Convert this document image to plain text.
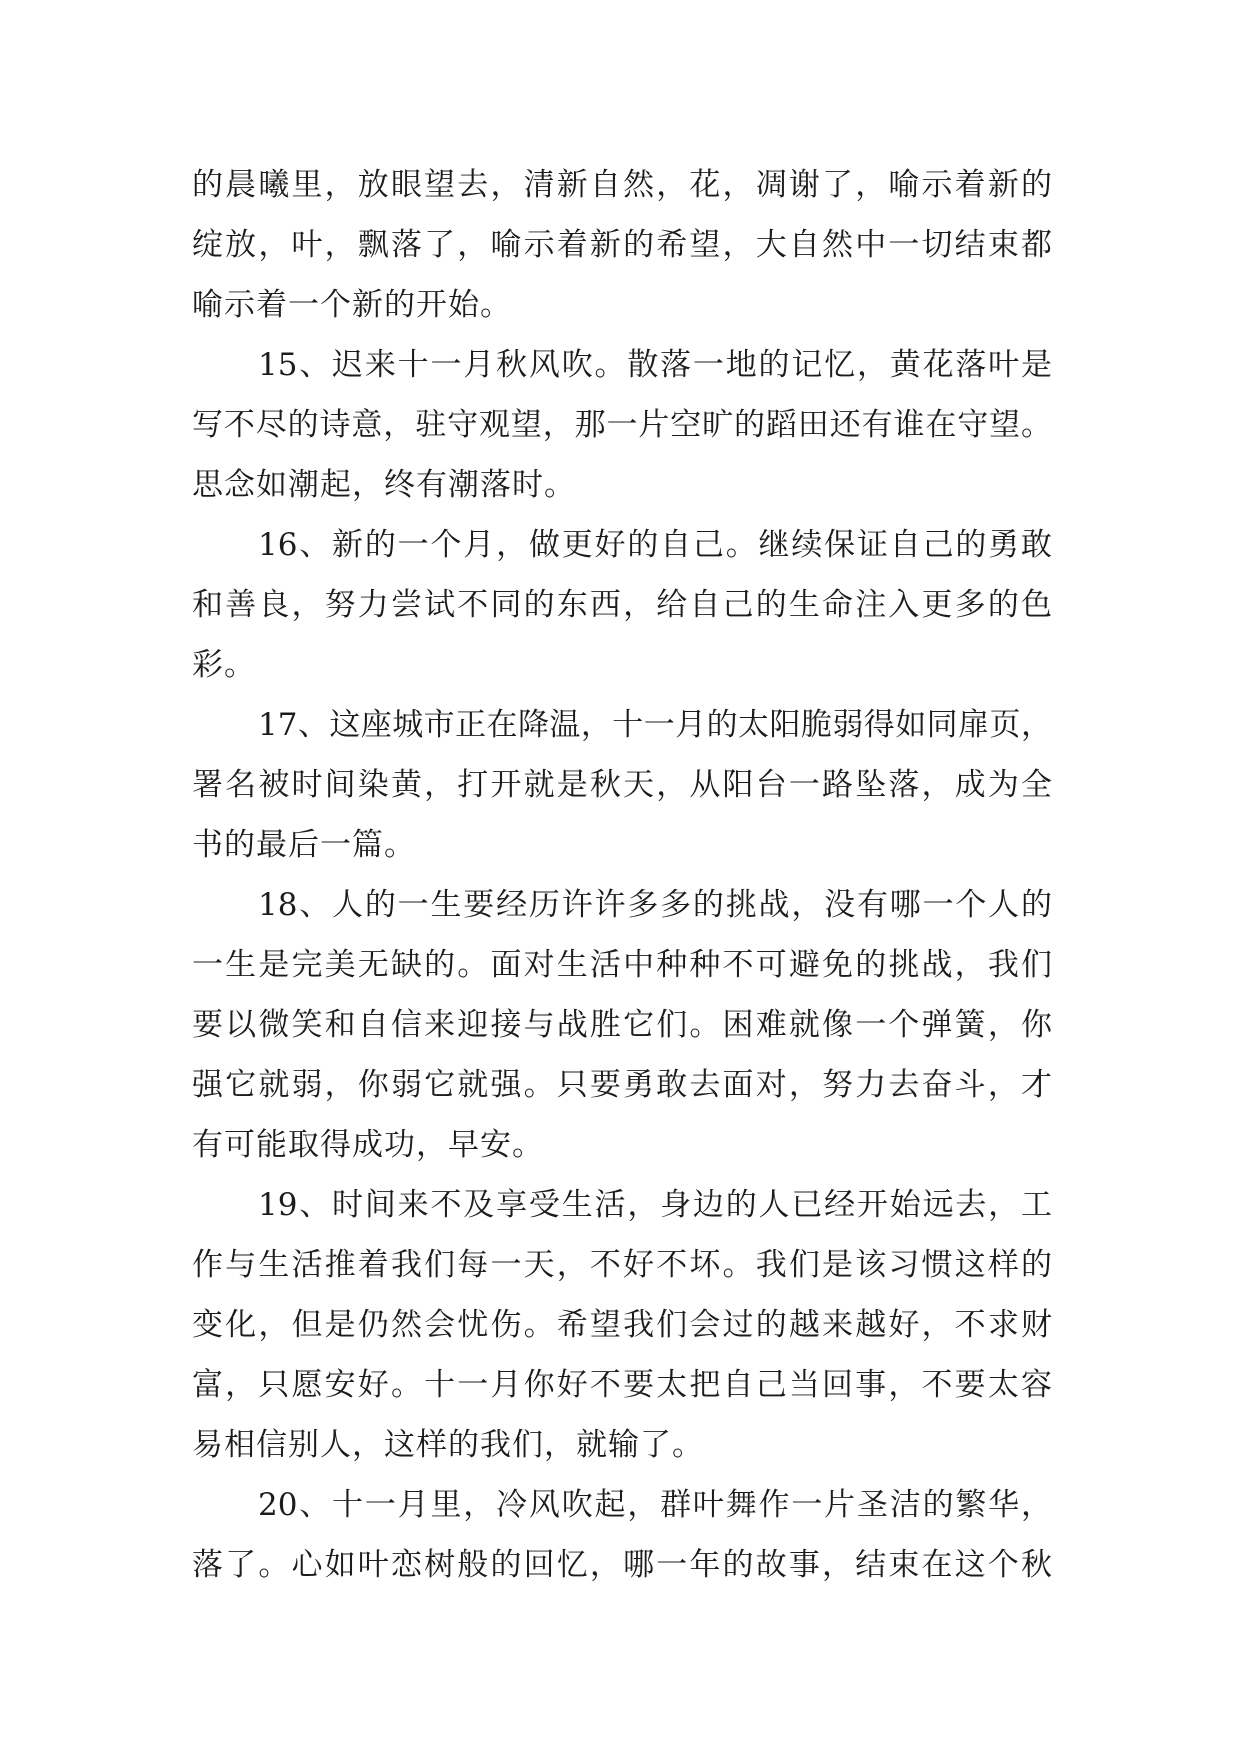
的晨曦里，放眼望去，清新自然，花，凋谢了，喻示着新的
绽放，叶，飘落了，喻示着新的希望，大自然中一切结束都
喻示着一个新的开始。
15、迟来十一月秋风吹。散落一地的记忆，黄花落叶是
写不尽的诗意，驻守观望，那一片空旷的蹈田还有谁在守望。
思念如潮起，终有潮落时。
16、新的一个月，做更好的自己。继续保证自己的勇敢
和善良，努力尝试不同的东西，给自己的生命注入更多的色
彩。
17、这座城市正在降温，十一月的太阳脆弱得如同扉页，
署名被时间染黄，打开就是秋天，从阳台一路坠落，成为全
书的最后一篇。
18、人的一生要经历许许多多的挑战，没有哪一个人的
一生是完美无缺的。面对生活中种种不可避免的挑战，我们
要以微笑和自信来迎接与战胜它们。困难就像一个弹簧，你
强它就弱，你弱它就强。只要勇敢去面对，努力去奋斗，才
有可能取得成功，早安。
19、时间来不及享受生活，身边的人已经开始远去，工
作与生活推着我们每一天，不好不坏。我们是该习惯这样的
变化，但是仍然会忧伤。希望我们会过的越来越好，不求财
富，只愿安好。十一月你好不要太把自己当回事，不要太容
易相信别人，这样的我们，就输了。
20、十一月里，冷风吹起，群叶舞作一片圣洁的繁华，
落了。心如叶恋树般的回忆，哪一年的故事，结束在这个秋
